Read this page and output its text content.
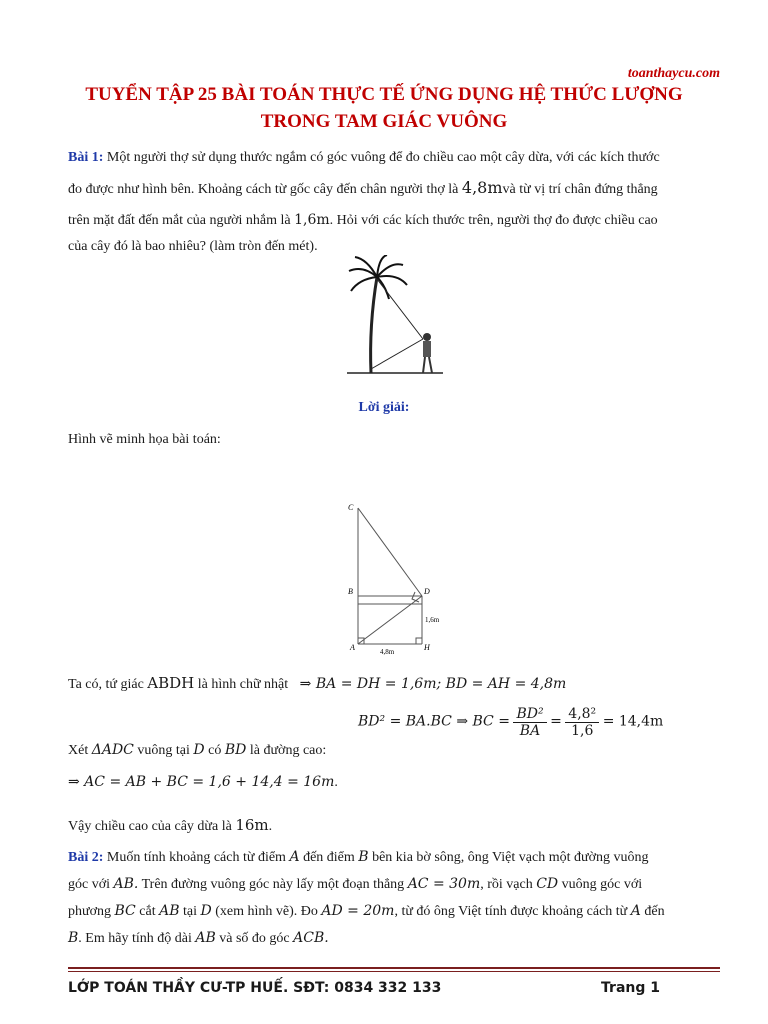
toanthaycu.com
TUYỂN TẬP 25 BÀI TOÁN THỰC TẾ ỨNG DỤNG HỆ THỨC LƯỢNG
TRONG TAM GIÁC VUÔNG
Bài 1: Một người thợ sử dụng thước ngắm có góc vuông để đo chiều cao một cây dừa, với các kích thước
đo được như hình bên. Khoảng cách từ gốc cây đến chân người thợ là 4,8mvà từ vị trí chân đứng thẳng
trên mặt đất đến mắt của người nhắm là 1,6m. Hỏi với các kích thước trên, người thợ đo được chiều cao
của cây đó là bao nhiêu? (làm tròn đến mét).
Lời giải:
Hình vẽ minh họa bài toán:
C
B	D
A	H
1,6m
4,8m
Ta có, tứ giác ABDH là hình chữ nhật ⇒ BA = DH = 1,6m; BD = AH = 4,8m
BD² = BA.BC ⇒ BC = $\frac{\text{BD²}}{BA} = \frac{\text{4,8²}}{1,6} = 14,4m$
Xét ΔADC vuông tại D có BD là đường cao:
⇒ AC = AB + BC = 1,6 + 14,4 = 16m.
Vậy chiều cao của cây dừa là 16m.
Bài 2: Muốn tính khoảng cách từ điểm A đến điểm B bên kia bờ sông, ông Việt vạch một đường vuông
góc với AB. Trên đường vuông góc này lấy một đoạn thẳng AC = 30m, rồi vạch CD vuông góc với
phương BC cắt AB tại D (xem hình vẽ). Đo AD = 20m, từ đó ông Việt tính được khoảng cách từ A đến
B. Em hãy tính độ dài AB và số đo góc ACB.
LỚP TOÁN THẦY CƯ-TP HUẾ. SĐT: 0834 332 133	Trang 1
